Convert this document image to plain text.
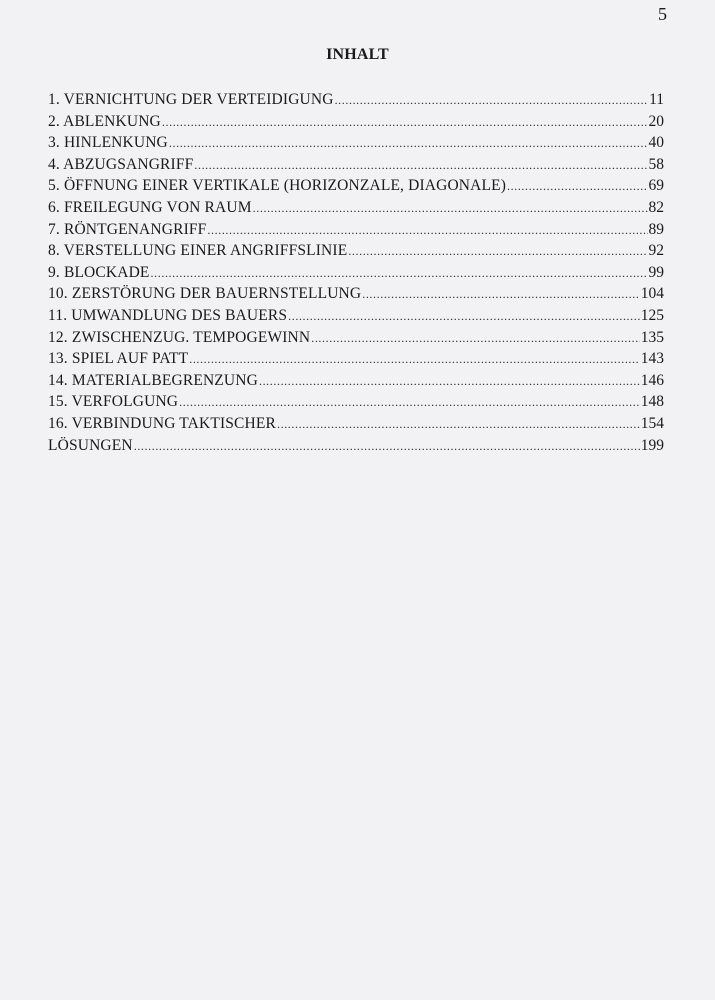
5
INHALT
1. VERNICHTUNG DER VERTEIDIGUNG .....	11
2. ABLENKUNG .....	20
3. HINLENKUNG .....	40
4. ABZUGSANGRIFF .....	58
5. ÖFFNUNG EINER VERTIKALE (HORIZONZALE, DIAGONALE) .....	69
6. FREILEGUNG VON RAUM .....	82
7. RÖNTGENANGRIFF .....	89
8. VERSTELLUNG EINER ANGRIFFSLINIE .....	92
9. BLOCKADE .....	99
10. ZERSTÖRUNG DER BAUERNSTELLUNG .....	104
11. UMWANDLUNG DES BAUERS .....	125
12. ZWISCHENZUG. TEMPOGEWINN .....	135
13. SPIEL AUF PATT .....	143
14. MATERIALBEGRENZUNG .....	146
15. VERFOLGUNG .....	148
16. VERBINDUNG TAKTISCHER .....	154
LÖSUNGEN .....	199
